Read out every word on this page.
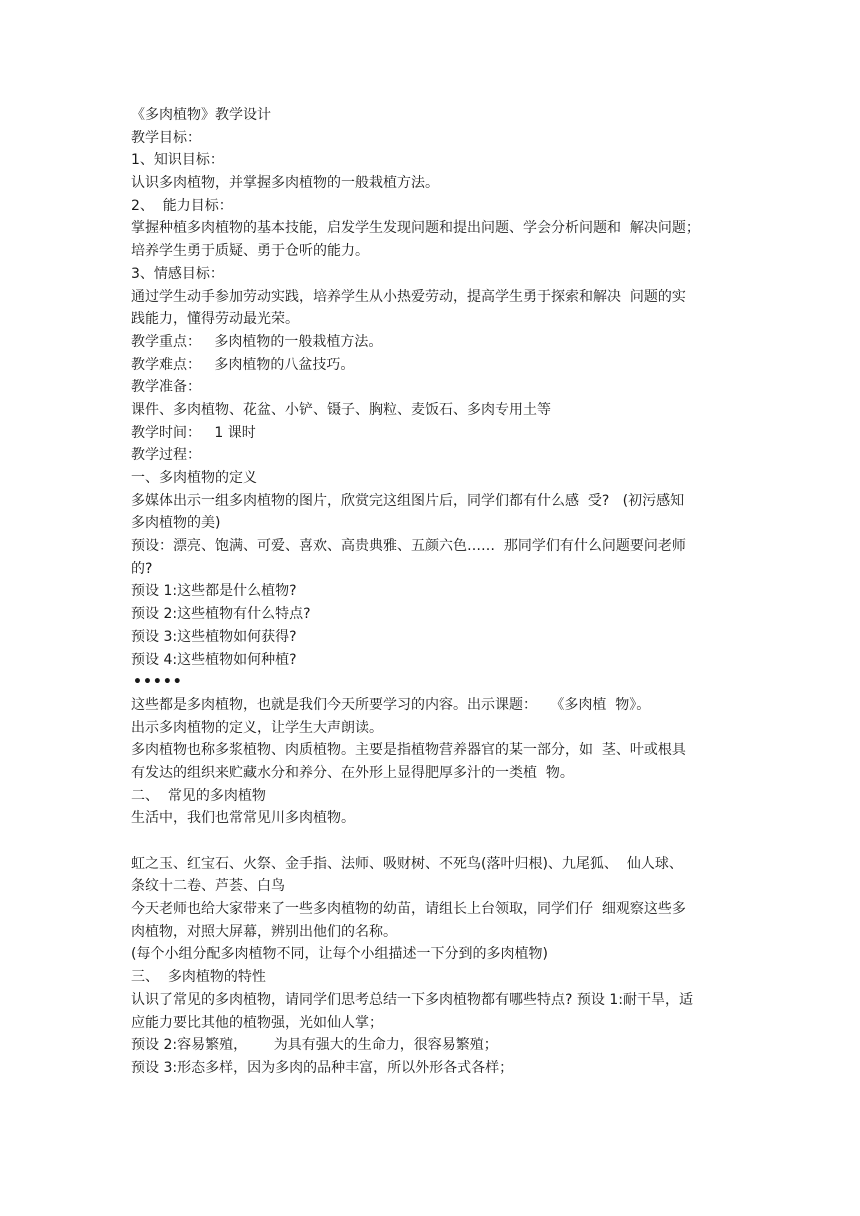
《多肉植物》教学设计
教学目标：
1、知识目标：
认识多肉植物，并掌握多肉植物的一般栽植方法。
2、  能力目标：
掌握种植多肉植物的基本技能，启发学生发现问题和提出问题、学会分析问题和  解决问题；
培养学生勇于质疑、勇于仓听的能力。
3、情感目标：
通过学生动手参加劳动实践，培养学生从小热爱劳动，提高学生勇于探索和解决  问题的实
践能力，懂得劳动最光荣。
教学重点：   多肉植物的一般栽植方法。
教学难点：   多肉植物的八盆技巧。
教学准备：
课件、多肉植物、花盆、小铲、镊子、胸粒、麦饭石、多肉专用土等
教学时间：   1 课时
教学过程：
一、多肉植物的定义
多媒体出示一组多肉植物的图片，欣赏完这组图片后，同学们都有什么感  受?   (初污感知
多肉植物的美)
预设：漂亮、饱满、可爱、喜欢、高贵典雅、五颜六色……  那同学们有什么问题要问老师
的?
预设 1:这些都是什么植物?
预设 2:这些植物有什么特点?
预设 3:这些植物如何获得?
预设 4:这些植物如何种植?
•••••
这些都是多肉植物，也就是我们今天所要学习的内容。出示课题：   《多肉植  物》。
出示多肉植物的定义，让学生大声朗读。
多肉植物也称多浆植物、肉质植物。主要是指植物营养器官的某一部分，如  茎、叶或根具
有发达的组织来贮藏水分和养分、在外形上显得肥厚多汁的一类植  物。
二、  常见的多肉植物
生活中，我们也常常见川多肉植物。
虹之玉、红宝石、火祭、金手指、法师、吸财树、不死鸟(落叶归根)、九尾狐、  仙人球、
条纹十二卷、芦荟、白鸟
今天老师也给大家带来了一些多肉植物的幼苗，请组长上台领取，同学们仔  细观察这些多
肉植物，对照大屏幕，辨别出他们的名称。
(每个小组分配多肉植物不同，让每个小组描述一下分到的多肉植物)
三、  多肉植物的特性
认识了常见的多肉植物，请同学们思考总结一下多肉植物都有哪些特点? 预设 1:耐干旱，适
应能力要比其他的植物强，光如仙人掌；
预设 2:容易繁殖，      为具有强大的生命力，很容易繁殖；
预设 3:形态多样，因为多肉的品种丰富，所以外形各式各样；
